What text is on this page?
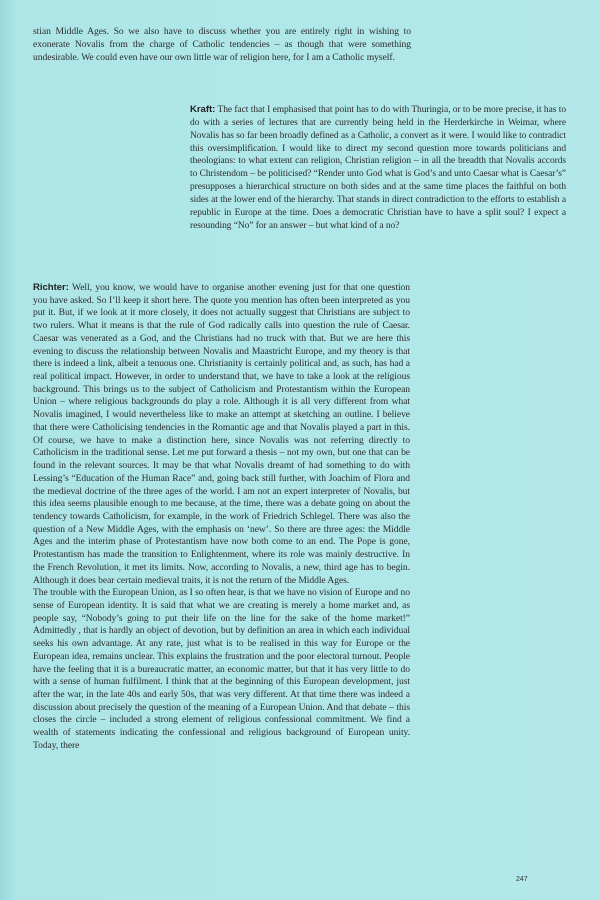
stian Middle Ages. So we also have to discuss whether you are entirely right in wishing to exonerate Novalis from the charge of Catholic tendencies – as though that were something undesirable. We could even have our own little war of religion here, for I am a Catholic myself.

Kraft: The fact that I emphasised that point has to do with Thuringia, or to be more precise, it has to do with a series of lectures that are currently being held in the Herderkirche in Weimar, where Novalis has so far been broadly defined as a Catholic, a convert as it were. I would like to contradict this oversimplification. I would like to direct my second question more towards politicians and theologians: to what extent can religion, Christian religion – in all the breadth that Novalis accords to Christendom – be politicised? “Render unto God what is God’s and unto Caesar what is Caesar’s” presupposes a hierarchical structure on both sides and at the same time places the faithful on both sides at the lower end of the hierarchy. That stands in direct contradiction to the efforts to establish a republic in Europe at the time. Does a democratic Christian have to have a split soul? I expect a resounding “No” for an answer – but what kind of a no?

Richter: Well, you know, we would have to organise another evening just for that one question you have asked. So I’ll keep it short here. The quote you mention has often been interpreted as you put it. But, if we look at it more closely, it does not actually suggest that Christians are subject to two rulers. What it means is that the rule of God radically calls into question the rule of Caesar. Caesar was venerated as a God, and the Christians had no truck with that. But we are here this evening to discuss the relationship between Novalis and Maastricht Europe, and my theory is that there is indeed a link, albeit a tenuous one. Christianity is certainly political and, as such, has had a real political impact. However, in order to understand that, we have to take a look at the religious background. This brings us to the subject of Catholicism and Protestantism within the European Union – where religious backgrounds do play a role. Although it is all very different from what Novalis imagined, I would nevertheless like to make an attempt at sketching an outline. I believe that there were Catholicising tendencies in the Romantic age and that Novalis played a part in this. Of course, we have to make a distinction here, since Novalis was not referring directly to Catholicism in the traditional sense. Let me put forward a thesis – not my own, but one that can be found in the relevant sources. It may be that what Novalis dreamt of had something to do with Lessing’s “Education of the Human Race” and, going back still further, with Joachim of Flora and the medieval doctrine of the three ages of the world. I am not an expert interpreter of Novalis, but this idea seems plausible enough to me because, at the time, there was a debate going on about the tendency towards Catholicism, for example, in the work of Friedrich Schlegel. There was also the question of a New Middle Ages, with the emphasis on ‘new’. So there are three ages: the Middle Ages and the interim phase of Protestantism have now both come to an end. The Pope is gone, Protestantism has made the transition to Enlightenment, where its role was mainly destructive. In the French Revolution, it met its limits. Now, according to Novalis, a new, third age has to begin. Although it does bear certain medieval traits, it is not the return of the Middle Ages.

The trouble with the European Union, as I so often hear, is that we have no vision of Europe and no sense of European identity. It is said that what we are creating is merely a home market and, as people say, “Nobody’s going to put their life on the line for the sake of the home market!” Admittedly , that is hardly an object of devotion, but by definition an area in which each individual seeks his own advantage. At any rate, just what is to be realised in this way for Europe or the European idea, remains unclear. This explains the frustration and the poor electoral turnout. People have the feeling that it is a bureaucratic matter, an economic matter, but that it has very little to do with a sense of human fulfilment. I think that at the beginning of this European development, just after the war, in the late 40s and early 50s, that was very different. At that time there was indeed a discussion about precisely the question of the meaning of a European Union. And that debate – this closes the circle – included a strong element of religious confessional commitment. We find a wealth of statements indicating the confessional and religious background of European unity. Today, there

247
